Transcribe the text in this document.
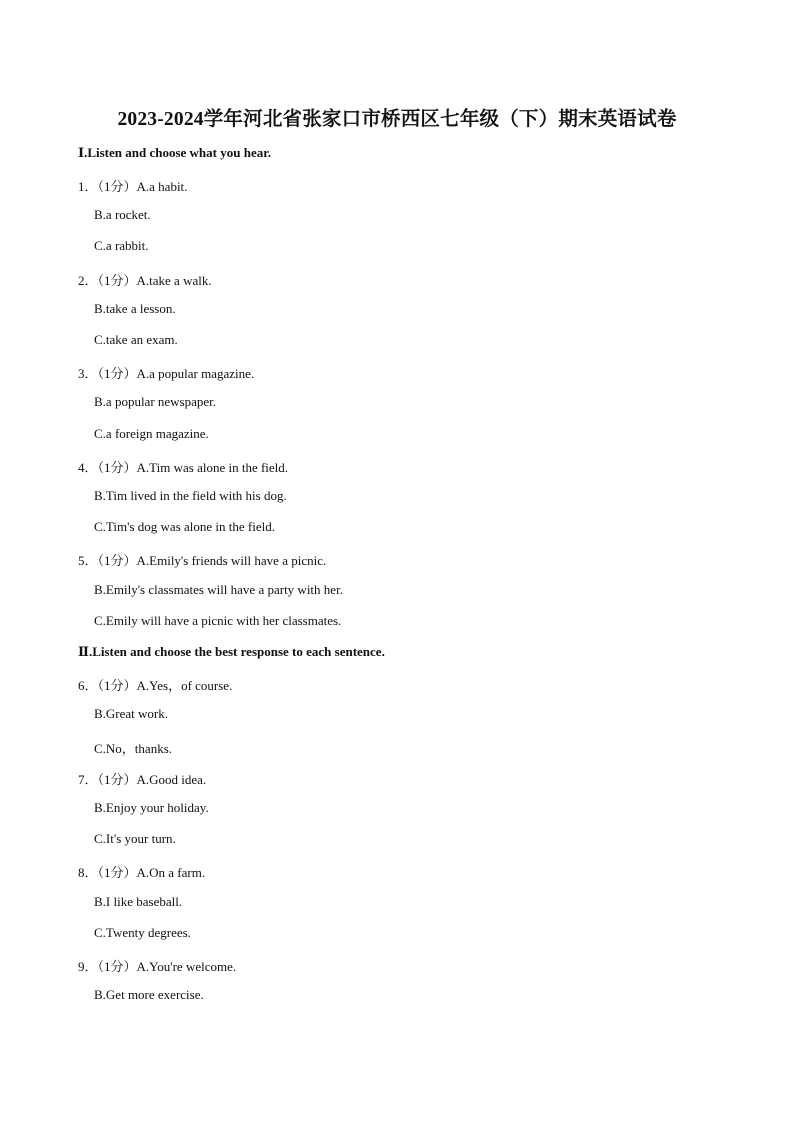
2023-2024学年河北省张家口市桥西区七年级（下）期末英语试卷
Ⅰ.Listen and choose what you hear.
1．（1分）A.a habit.
B.a rocket.
C.a rabbit.
2．（1分）A.take a walk.
B.take a lesson.
C.take an exam.
3．（1分）A.a popular magazine.
B.a popular newspaper.
C.a foreign magazine.
4．（1分）A.Tim was alone in the field.
B.Tim lived in the field with his dog.
C.Tim's dog was alone in the field.
5．（1分）A.Emily's friends will have a picnic.
B.Emily's classmates will have a party with her.
C.Emily will have a picnic with her classmates.
Ⅱ.Listen and choose the best response to each sentence.
6．（1分）A.Yes，of course.
B.Great work.
C.No，thanks.
7．（1分）A.Good idea.
B.Enjoy your holiday.
C.It's your turn.
8．（1分）A.On a farm.
B.I like baseball.
C.Twenty degrees.
9．（1分）A.You're welcome.
B.Get more exercise.
